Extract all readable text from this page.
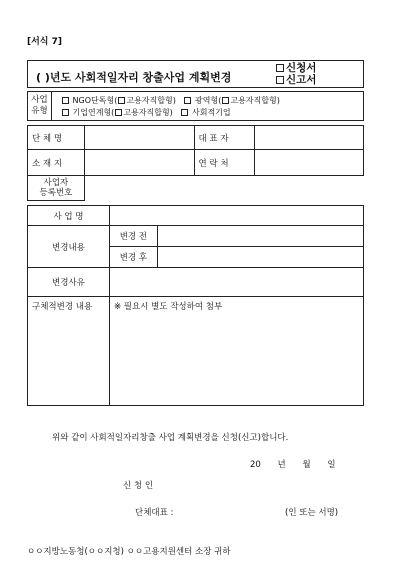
[서식 7]
( )년도 사회적일자리 창출사업 계획변경
신청서
신고서
사업
유형
NGO단독형( 고용자직합형) 광역형( 고용자직합형)
기업연계형( 고용자직합형) 사회적기업
단 체 명		대 표 자	
소 재 지		연 락 처	

사업자
등록번호			

사 업 명		
변경내용	변경 전	
	변경 후	
변경사유		
구체적변경 내용	※ 필요시 별도 작성하여 첨부	
위와 같이 사회적일자리창출 사업 계획변경을 신청(신고)합니다.
20 년 월 일
신 청 인
단체대표 :	(인 또는 서명)
ㅇㅇ지방노동청(ㅇㅇ지청) ㅇㅇ고용지원센터 소장 귀하
